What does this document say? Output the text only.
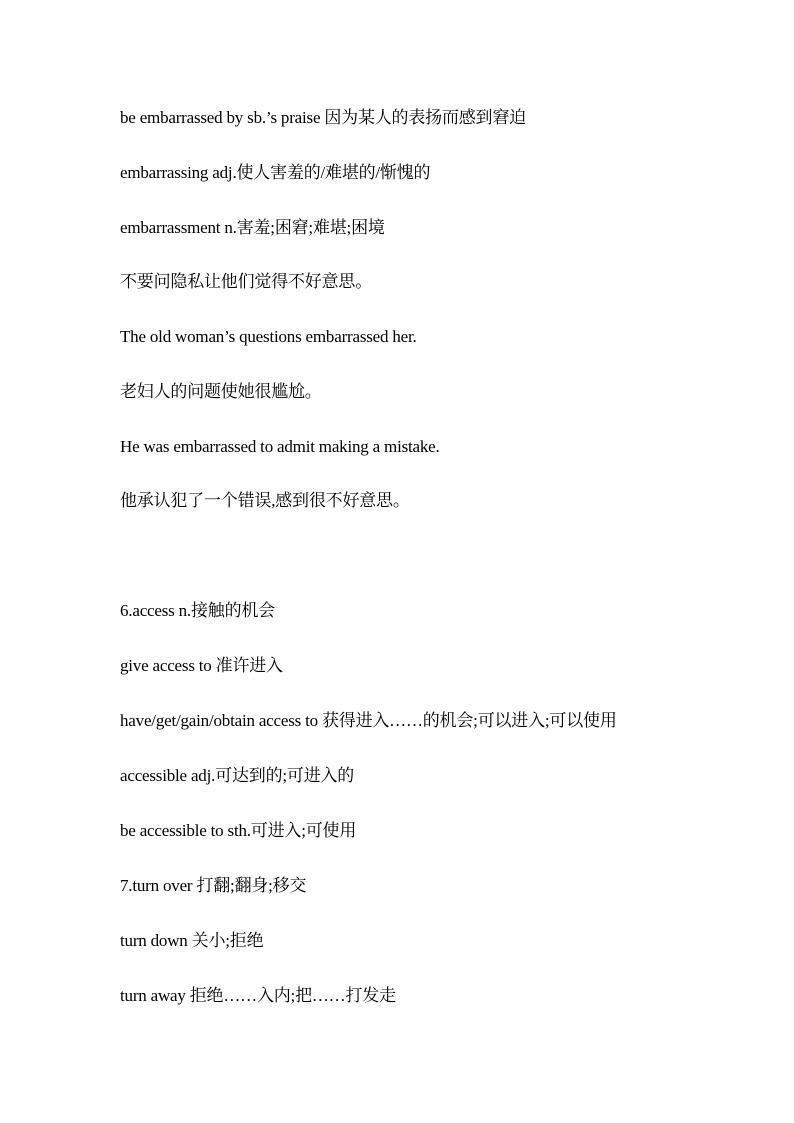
be embarrassed by sb.’s praise 因为某人的表扬而感到窘迫
embarrassing adj.使人害羞的/难堪的/惭愧的
embarrassment n.害羞;困窘;难堪;困境
不要问隐私让他们觉得不好意思。
The old woman’s questions embarrassed her.
老妇人的问题使她很尴尬。
He was embarrassed to admit making a mistake.
他承认犯了一个错误,感到很不好意思。
6.access n.接触的机会
give access to 准许进入
have/get/gain/obtain access to 获得进入……的机会;可以进入;可以使用
accessible adj.可达到的;可进入的
be accessible to sth.可进入;可使用
7.turn over 打翻;翻身;移交
turn down 关小;拒绝
turn away 拒绝……入内;把……打发走
